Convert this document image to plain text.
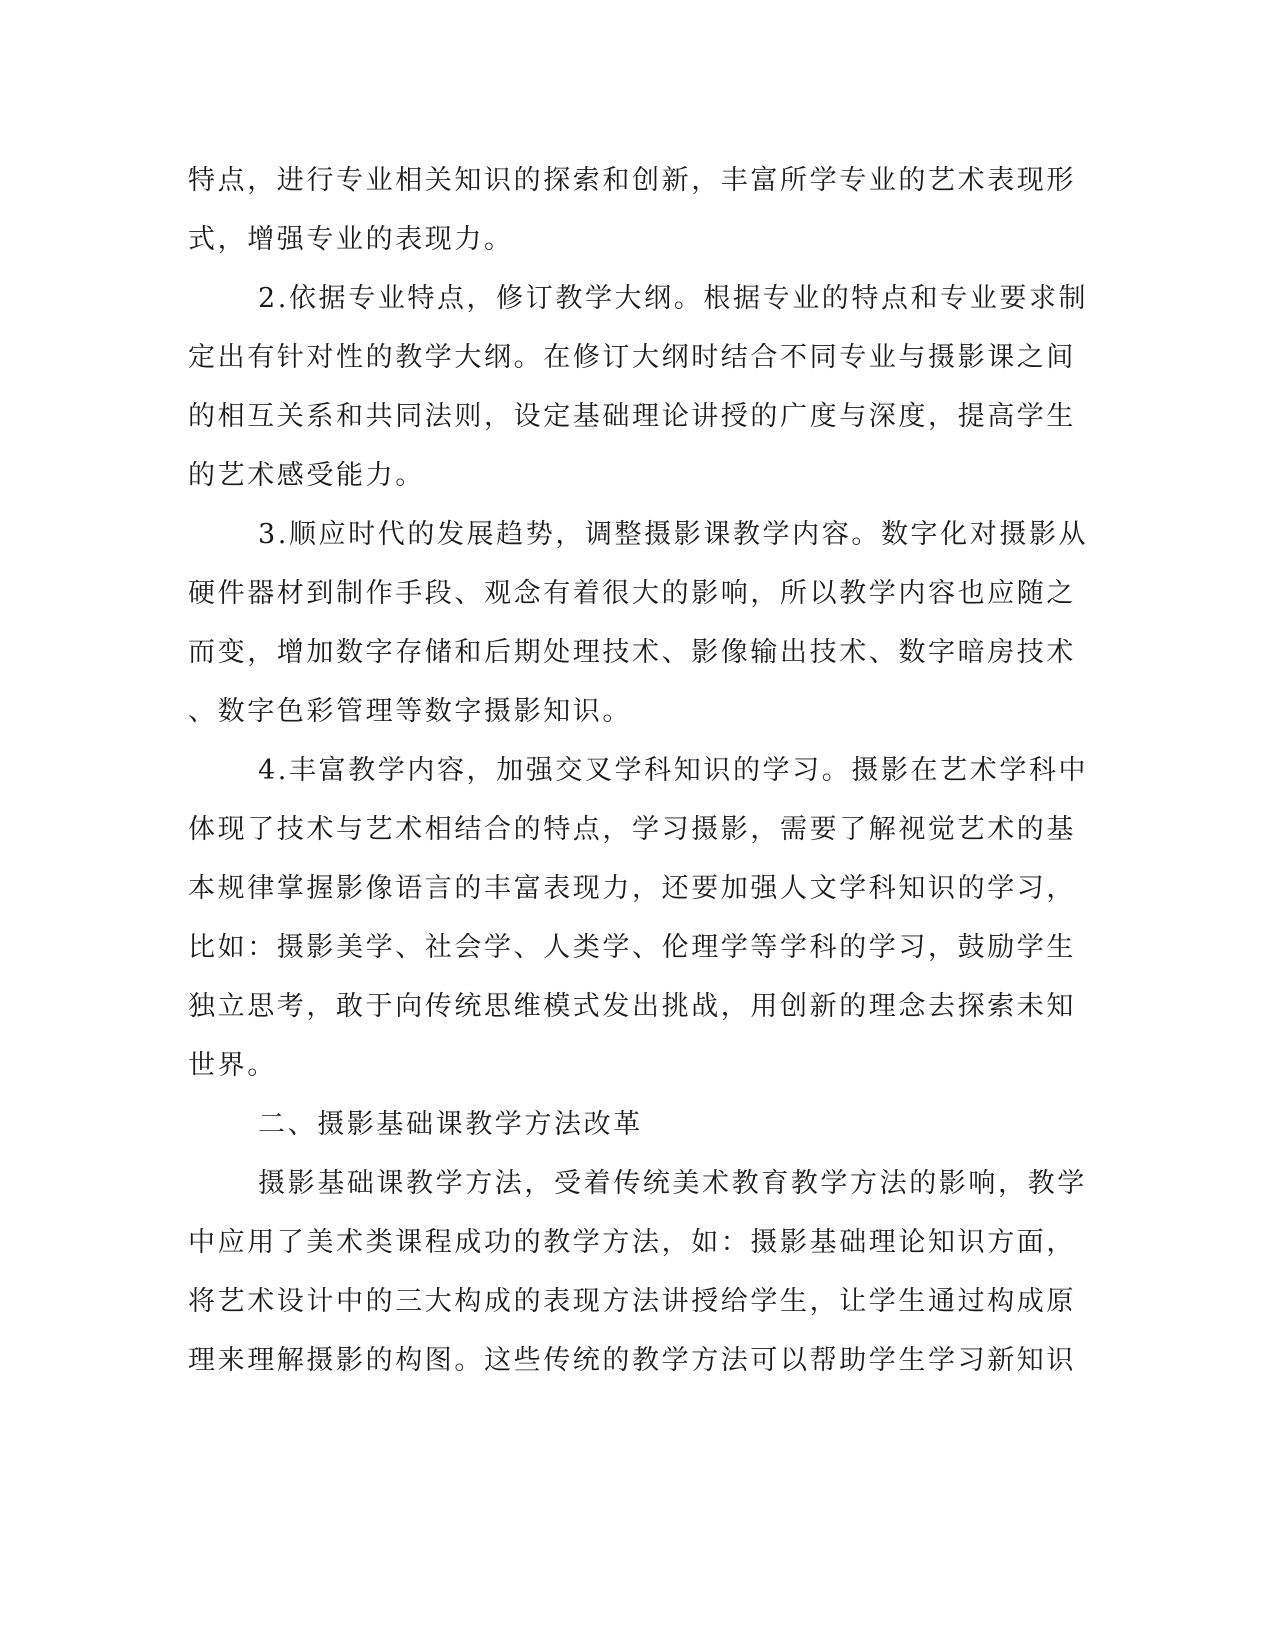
特点，进行专业相关知识的探索和创新，丰富所学专业的艺术表现形
式，增强专业的表现力。
2.依据专业特点，修订教学大纲。根据专业的特点和专业要求制
定出有针对性的教学大纲。在修订大纲时结合不同专业与摄影课之间
的相互关系和共同法则，设定基础理论讲授的广度与深度，提高学生
的艺术感受能力。
3.顺应时代的发展趋势，调整摄影课教学内容。数字化对摄影从
硬件器材到制作手段、观念有着很大的影响，所以教学内容也应随之
而变，增加数字存储和后期处理技术、影像输出技术、数字暗房技术
、数字色彩管理等数字摄影知识。
4.丰富教学内容，加强交叉学科知识的学习。摄影在艺术学科中
体现了技术与艺术相结合的特点，学习摄影，需要了解视觉艺术的基
本规律掌握影像语言的丰富表现力，还要加强人文学科知识的学习，
比如：摄影美学、社会学、人类学、伦理学等学科的学习，鼓励学生
独立思考，敢于向传统思维模式发出挑战，用创新的理念去探索未知
世界。
二、摄影基础课教学方法改革
摄影基础课教学方法，受着传统美术教育教学方法的影响，教学
中应用了美术类课程成功的教学方法，如：摄影基础理论知识方面，
将艺术设计中的三大构成的表现方法讲授给学生，让学生通过构成原
理来理解摄影的构图。这些传统的教学方法可以帮助学生学习新知识
